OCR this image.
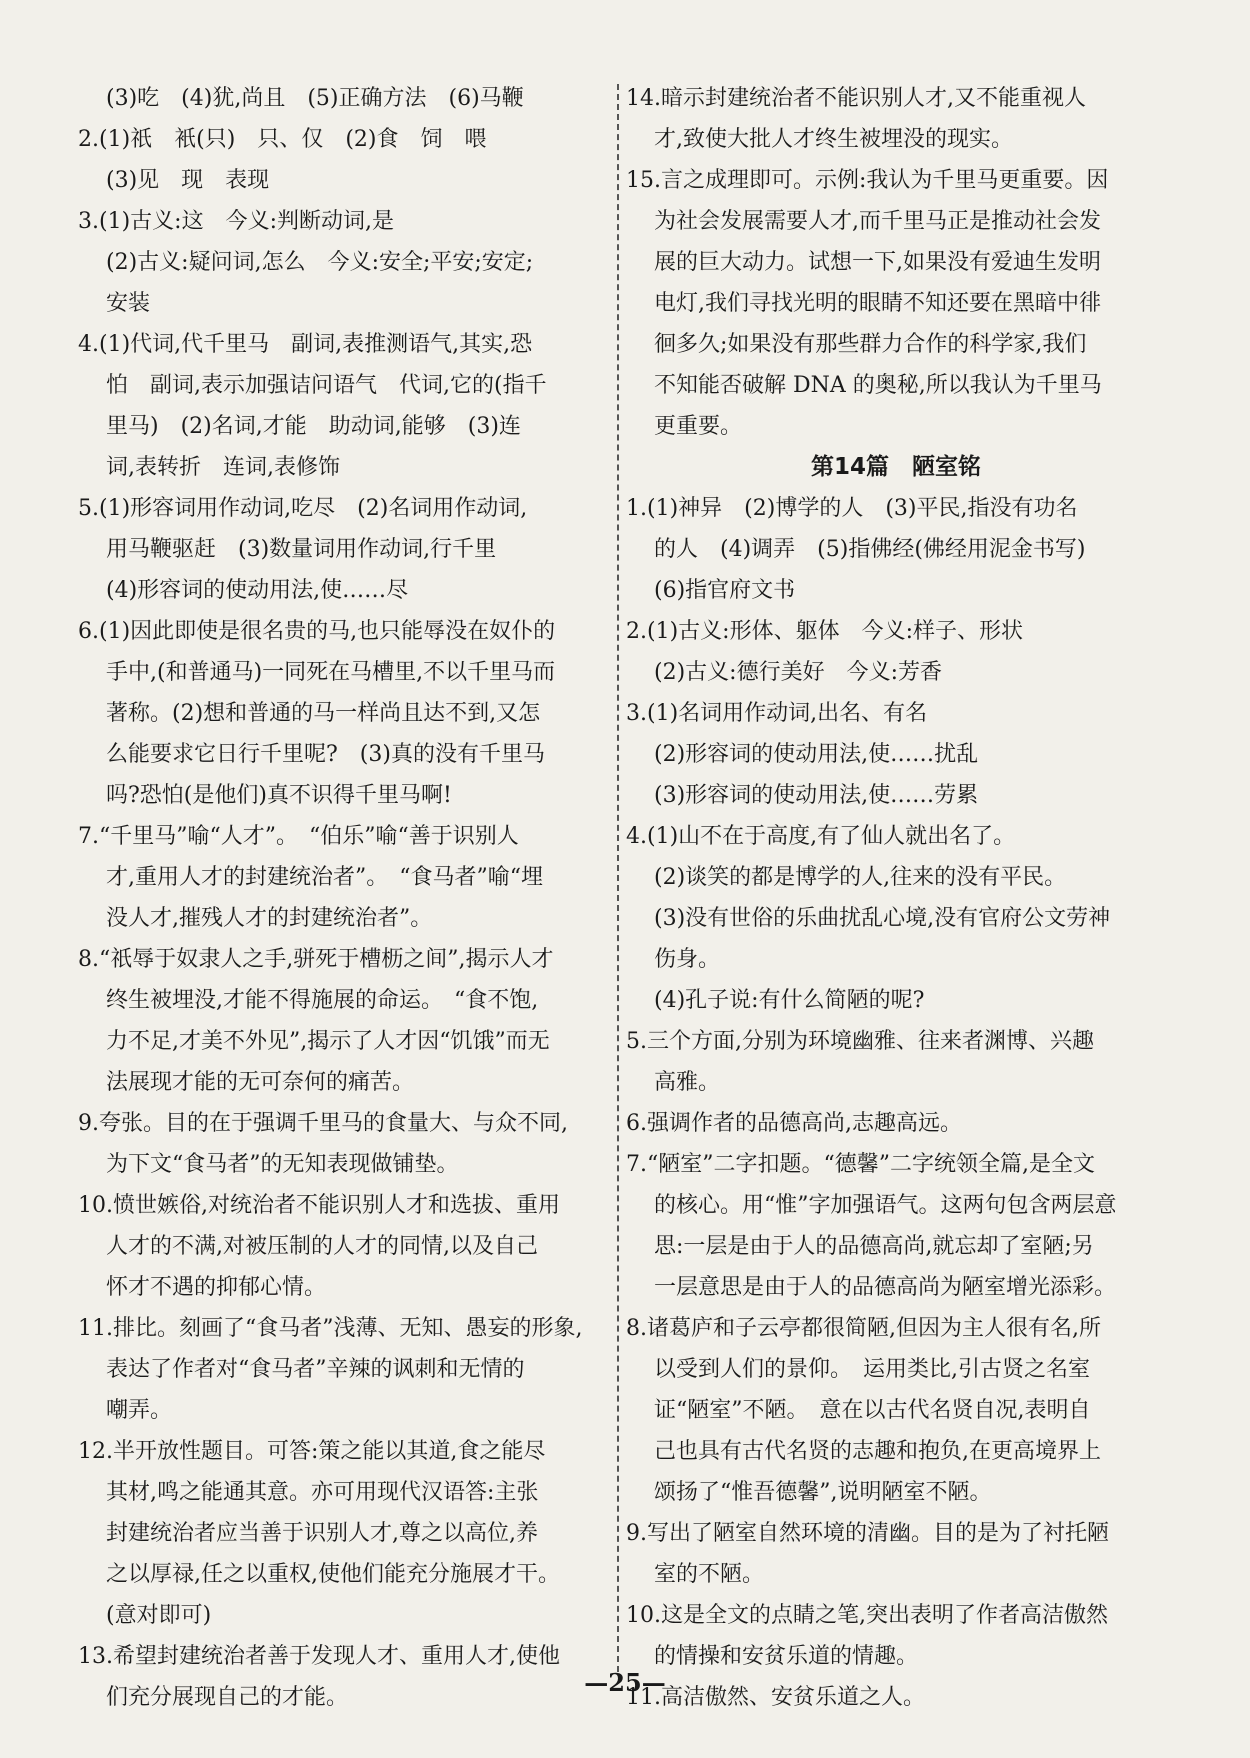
(3)吃　(4)犹,尚且　(5)正确方法　(6)马鞭
2.(1)祇　衹(只)　只、仅　(2)食　饲　喂
(3)见　现　表现
3.(1)古义:这　今义:判断动词,是
(2)古义:疑问词,怎么　今义:安全;平安;安定;
安装
4.(1)代词,代千里马　副词,表推测语气,其实,恐
怕　副词,表示加强诘问语气　代词,它的(指千
里马)　(2)名词,才能　助动词,能够　(3)连
词,表转折　连词,表修饰
5.(1)形容词用作动词,吃尽　(2)名词用作动词,
用马鞭驱赶　(3)数量词用作动词,行千里
(4)形容词的使动用法,使……尽
6.(1)因此即使是很名贵的马,也只能辱没在奴仆的
手中,(和普通马)一同死在马槽里,不以千里马而
著称。(2)想和普通的马一样尚且达不到,又怎
么能要求它日行千里呢?　(3)真的没有千里马
吗?恐怕(是他们)真不识得千里马啊!
7.“千里马”喻“人才”。　“伯乐”喻“善于识别人
才,重用人才的封建统治者”。　“食马者”喻“埋
没人才,摧残人才的封建统治者”。
8.“祇辱于奴隶人之手,骈死于槽枥之间”,揭示人才
终生被埋没,才能不得施展的命运。　“食不饱,
力不足,才美不外见”,揭示了人才因“饥饿”而无
法展现才能的无可奈何的痛苦。
9.夸张。目的在于强调千里马的食量大、与众不同,
为下文“食马者”的无知表现做铺垫。
10.愤世嫉俗,对统治者不能识别人才和选拔、重用
人才的不满,对被压制的人才的同情,以及自己
怀才不遇的抑郁心情。
11.排比。刻画了“食马者”浅薄、无知、愚妄的形象,
表达了作者对“食马者”辛辣的讽刺和无情的
嘲弄。
12.半开放性题目。可答:策之能以其道,食之能尽
其材,鸣之能通其意。亦可用现代汉语答:主张
封建统治者应当善于识别人才,尊之以高位,养
之以厚禄,任之以重权,使他们能充分施展才干。
(意对即可)
13.希望封建统治者善于发现人才、重用人才,使他
们充分展现自己的才能。
14.暗示封建统治者不能识别人才,又不能重视人
才,致使大批人才终生被埋没的现实。
15.言之成理即可。示例:我认为千里马更重要。因
为社会发展需要人才,而千里马正是推动社会发
展的巨大动力。试想一下,如果没有爱迪生发明
电灯,我们寻找光明的眼睛不知还要在黑暗中徘
徊多久;如果没有那些群力合作的科学家,我们
不知能否破解 DNA 的奥秘,所以我认为千里马
更重要。
第14篇　陋室铭
1.(1)神异　(2)博学的人　(3)平民,指没有功名
的人　(4)调弄　(5)指佛经(佛经用泥金书写)
(6)指官府文书
2.(1)古义:形体、躯体　今义:样子、形状
(2)古义:德行美好　今义:芳香
3.(1)名词用作动词,出名、有名
(2)形容词的使动用法,使……扰乱
(3)形容词的使动用法,使……劳累
4.(1)山不在于高度,有了仙人就出名了。
(2)谈笑的都是博学的人,往来的没有平民。
(3)没有世俗的乐曲扰乱心境,没有官府公文劳神
伤身。
(4)孔子说:有什么简陋的呢?
5.三个方面,分别为环境幽雅、往来者渊博、兴趣
高雅。
6.强调作者的品德高尚,志趣高远。
7.“陋室”二字扣题。“德馨”二字统领全篇,是全文
的核心。用“惟”字加强语气。这两句包含两层意
思:一层是由于人的品德高尚,就忘却了室陋;另
一层意思是由于人的品德高尚为陋室增光添彩。
8.诸葛庐和子云亭都很简陋,但因为主人很有名,所
以受到人们的景仰。　运用类比,引古贤之名室
证“陋室”不陋。　意在以古代名贤自况,表明自
己也具有古代名贤的志趣和抱负,在更高境界上
颂扬了“惟吾德馨”,说明陋室不陋。
9.写出了陋室自然环境的清幽。目的是为了衬托陋
室的不陋。
10.这是全文的点睛之笔,突出表明了作者高洁傲然
的情操和安贫乐道的情趣。
11.高洁傲然、安贫乐道之人。
—25—
